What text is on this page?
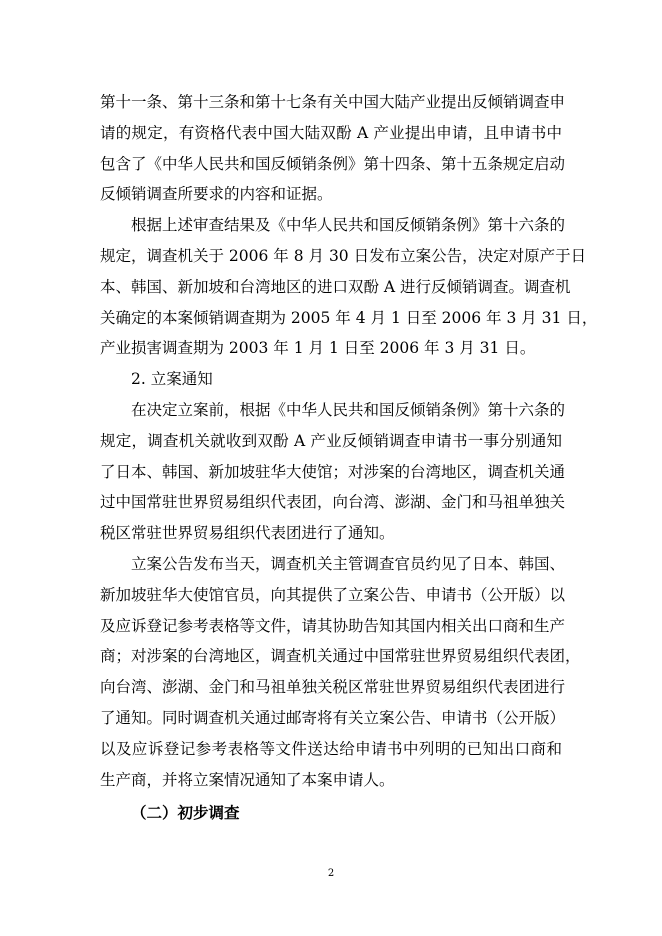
第十一条、第十三条和第十七条有关中国大陆产业提出反倾销调查申
请的规定，有资格代表中国大陆双酚 A 产业提出申请，且申请书中
包含了《中华人民共和国反倾销条例》第十四条、第十五条规定启动
反倾销调查所要求的内容和证据。
根据上述审查结果及《中华人民共和国反倾销条例》第十六条的
规定，调查机关于 2006 年 8 月 30 日发布立案公告，决定对原产于日
本、韩国、新加坡和台湾地区的进口双酚 A 进行反倾销调查。调查机
关确定的本案倾销调查期为 2005 年 4 月 1 日至 2006 年 3 月 31 日，
产业损害调查期为 2003 年 1 月 1 日至 2006 年 3 月 31 日。
2. 立案通知
在决定立案前，根据《中华人民共和国反倾销条例》第十六条的
规定，调查机关就收到双酚 A 产业反倾销调查申请书一事分别通知
了日本、韩国、新加坡驻华大使馆；对涉案的台湾地区，调查机关通
过中国常驻世界贸易组织代表团，向台湾、澎湖、金门和马祖单独关
税区常驻世界贸易组织代表团进行了通知。
立案公告发布当天，调查机关主管调查官员约见了日本、韩国、
新加坡驻华大使馆官员，向其提供了立案公告、申请书（公开版）以
及应诉登记参考表格等文件，请其协助告知其国内相关出口商和生产
商；对涉案的台湾地区，调查机关通过中国常驻世界贸易组织代表团，
向台湾、澎湖、金门和马祖单独关税区常驻世界贸易组织代表团进行
了通知。同时调查机关通过邮寄将有关立案公告、申请书（公开版）
以及应诉登记参考表格等文件送达给申请书中列明的已知出口商和
生产商，并将立案情况通知了本案申请人。
2
（二）初步调查
